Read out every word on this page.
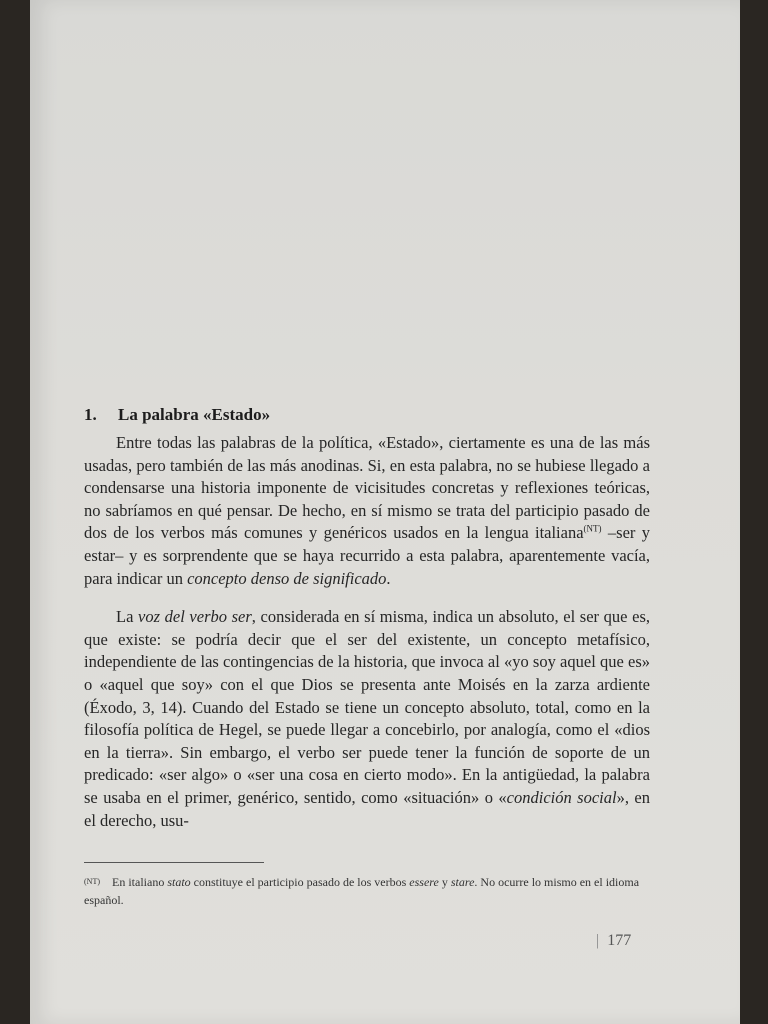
1. La palabra «Estado»

Entre todas las palabras de la política, «Estado», ciertamente es una de las más usadas, pero también de las más anodinas. Si, en esta palabra, no se hubiese llegado a condensarse una historia imponente de vicisitudes concretas y reflexiones teóricas, no sabríamos en qué pensar. De hecho, en sí mismo se trata del participio pasado de dos de los verbos más comunes y genéricos usados en la lengua italiana$^{(NT)}$ –ser y estar– y es sorprendente que se haya recurrido a esta palabra, aparentemente vacía, para indicar un concepto denso de significado.

La voz del verbo ser, considerada en sí misma, indica un absoluto, el ser que es, que existe: se podría decir que el ser del existente, un concepto metafísico, independiente de las contingencias de la historia, que invoca al «yo soy aquel que es» o «aquel que soy» con el que Dios se presenta ante Moisés en la zarza ardiente (Éxodo, 3, 14). Cuando del Estado se tiene un concepto absoluto, total, como en la filosofía política de Hegel, se puede llegar a concebirlo, por analogía, como el «dios en la tierra». Sin embargo, el verbo ser puede tener la función de soporte de un predicado: «ser algo» o «ser una cosa en cierto modo». En la antigüedad, la palabra se usaba en el primer, genérico, sentido, como «situación» o «condición social», en el derecho, usu-

(NT) En italiano stato constituye el participio pasado de los verbos essere y stare. No ocurre lo mismo en el idioma español.
| 177
